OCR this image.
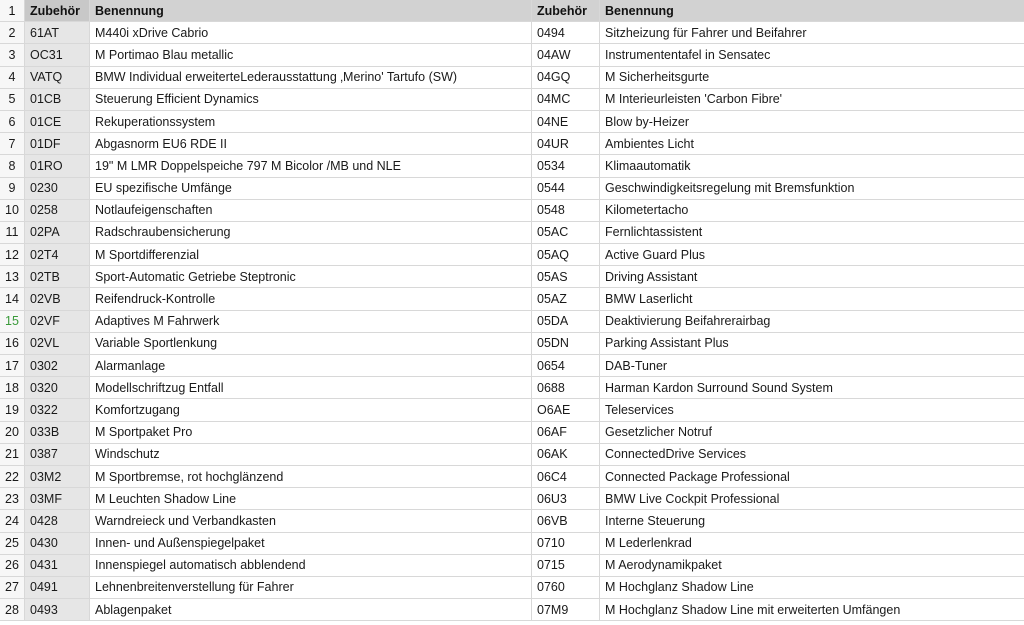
1	Zubehör	Benennung	Zubehör	Benennung
2	61AT	M440i xDrive Cabrio	0494	Sitzheizung für Fahrer und Beifahrer
3	OC31	M Portimao Blau metallic	04AW	Instrumententafel in Sensatec
4	VATQ	BMW Individual erweiterteLederausstattung ‚Merino' Tartufo (SW)	04GQ	M Sicherheitsgurte
5	01CB	Steuerung Efficient Dynamics	04MC	M Interieurleisten 'Carbon Fibre'
6	01CE	Rekuperationssystem	04NE	Blow by-Heizer
7	01DF	Abgasnorm EU6 RDE II	04UR	Ambientes Licht
8	01RO	19" M LMR Doppelspeiche 797 M Bicolor /MB und NLE	0534	Klimaautomatik
9	0230	EU spezifische Umfänge	0544	Geschwindigkeitsregelung mit Bremsfunktion
10	0258	Notlaufeigenschaften	0548	Kilometertacho
11	02PA	Radschraubensicherung	05AC	Fernlichtassistent
12	02T4	M Sportdifferenzial	05AQ	Active Guard Plus
13	02TB	Sport-Automatic Getriebe Steptronic	05AS	Driving Assistant
14	02VB	Reifendruck-Kontrolle	05AZ	BMW Laserlicht
15	02VF	Adaptives M Fahrwerk	05DA	Deaktivierung Beifahrerairbag
16	02VL	Variable Sportlenkung	05DN	Parking Assistant Plus
17	0302	Alarmanlage	0654	DAB-Tuner
18	0320	Modellschriftzug Entfall	0688	Harman Kardon Surround Sound System
19	0322	Komfortzugang	O6AE	Teleservices
20	033B	M Sportpaket Pro	06AF	Gesetzlicher Notruf
21	0387	Windschutz	06AK	ConnectedDrive Services
22	03M2	M Sportbremse, rot hochglänzend	06C4	Connected Package Professional
23	03MF	M Leuchten Shadow Line	06U3	BMW Live Cockpit Professional
24	0428	Warndreieck und Verbandkasten	06VB	Interne Steuerung
25	0430	Innen- und Außenspiegelpaket	0710	M Lederlenkrad
26	0431	Innenspiegel automatisch abblendend	0715	M Aerodynamikpaket
27	0491	Lehnenbreitenverstellung für Fahrer	0760	M Hochglanz Shadow Line
28	0493	Ablagenpaket	07M9	M Hochglanz Shadow Line mit erweiterten Umfängen
